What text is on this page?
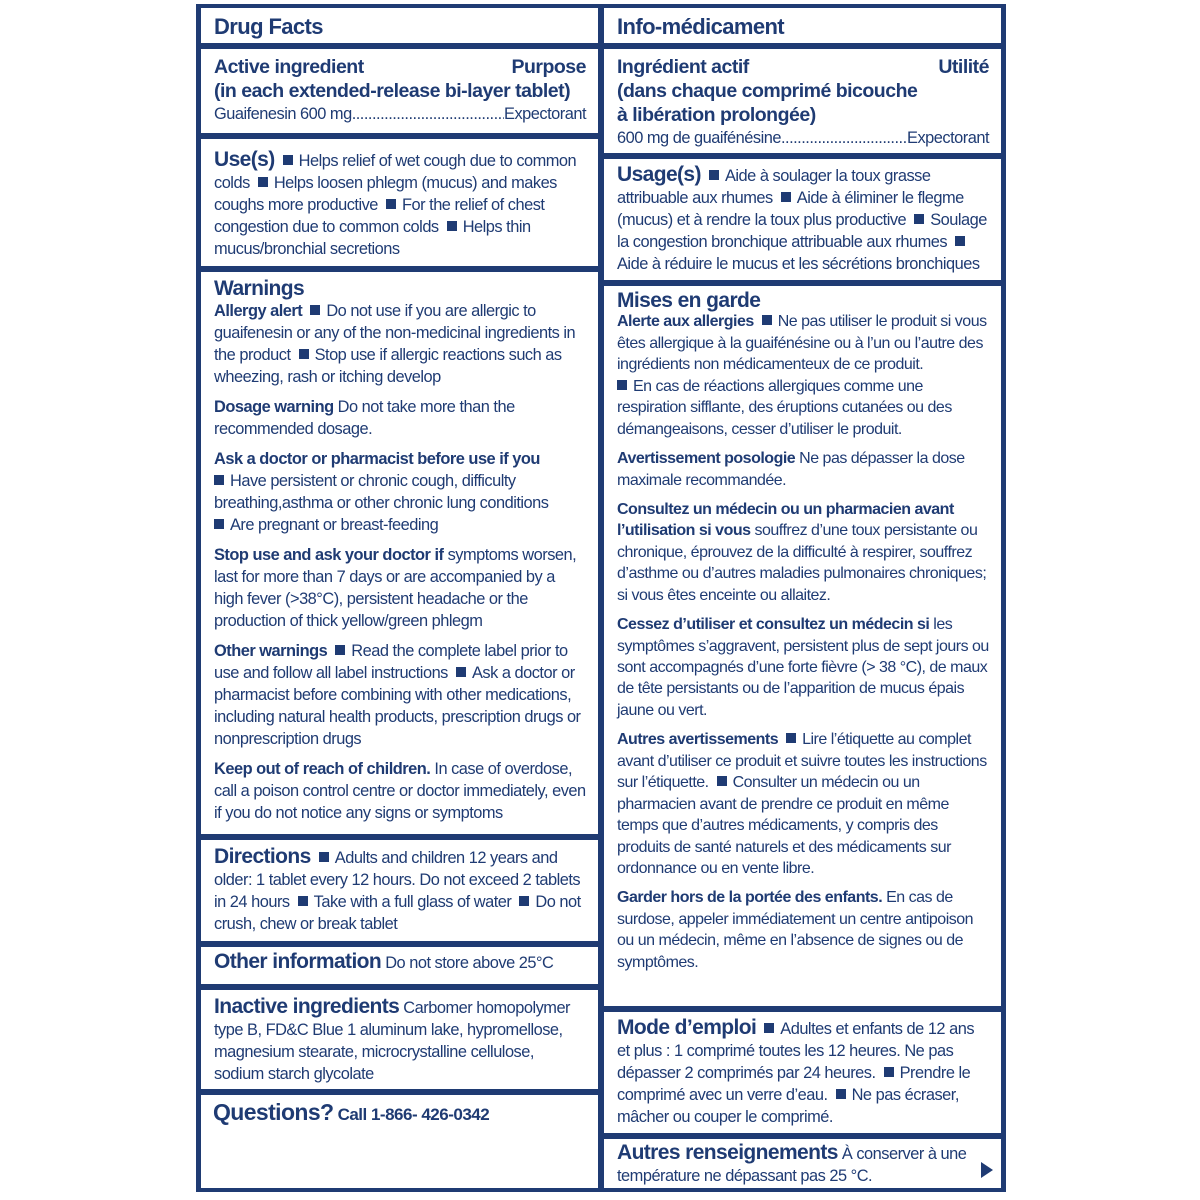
Drug Facts
Active ingredient	Purpose
(in each extended-release bi-layer tablet)
Guaifenesin 600 mg .....	Expectorant
Use(s) Helps relief of wet cough due to common colds Helps loosen phlegm (mucus) and makes coughs more productive For the relief of chest congestion due to common colds Helps thin mucus/bronchial secretions
Warnings

Allergy alert Do not use if you are allergic to guaifenesin or any of the non-medicinal ingredients in the product Stop use if allergic reactions such as wheezing, rash or itching develop

Dosage warning Do not take more than the recommended dosage.

Ask a doctor or pharmacist before use if you
Have persistent or chronic cough, difficulty breathing,asthma or other chronic lung conditions
Are pregnant or breast-feeding

Stop use and ask your doctor if symptoms worsen, last for more than 7 days or are accompanied by a high fever (>38°C), persistent headache or the production of thick yellow/green phlegm

Other warnings Read the complete label prior to use and follow all label instructions Ask a doctor or pharmacist before combining with other medications, including natural health products, prescription drugs or nonprescription drugs

Keep out of reach of children. In case of overdose, call a poison control centre or doctor immediately, even if you do not notice any signs or symptoms

Directions Adults and children 12 years and older: 1 tablet every 12 hours. Do not exceed 2 tablets in 24 hours Take with a full glass of water Do not crush, chew or break tablet
Other information Do not store above 25°C
Inactive ingredients Carbomer homopolymer type B, FD&C Blue 1 aluminum lake, hypromellose, magnesium stearate, microcrystalline cellulose, sodium starch glycolate
Questions? Call 1-866- 426-0342
Info-médicament
Ingrédient actif	Utilité
(dans chaque comprimé bicouche à libération prolongée)
600 mg de guaifénésine .....	Expectorant
Usage(s) Aide à soulager la toux grasse attribuable aux rhumes Aide à éliminer le flegme (mucus) et à rendre la toux plus productive Soulage la congestion bronchique attribuable aux rhumes Aide à réduire le mucus et les sécrétions bronchiques
Mises en garde

Alerte aux allergies Ne pas utiliser le produit si vous êtes allergique à la guaifénésine ou à l’un ou l’autre des ingrédients non médicamenteux de ce produit.
En cas de réactions allergiques comme une respiration sifflante, des éruptions cutanées ou des démangeaisons, cesser d’utiliser le produit.

Avertissement posologie Ne pas dépasser la dose maximale recommandée.

Consultez un médecin ou un pharmacien avant l’utilisation si vous souffrez d’une toux persistante ou chronique, éprouvez de la difficulté à respirer, souffrez d’asthme ou d’autres maladies pulmonaires chroniques; si vous êtes enceinte ou allaitez.

Cessez d’utiliser et consultez un médecin si les symptômes s’aggravent, persistent plus de sept jours ou sont accompagnés d’une forte fièvre (> 38 °C), de maux de tête persistants ou de l’apparition de mucus épais jaune ou vert.

Autres avertissements Lire l’étiquette au complet avant d’utiliser ce produit et suivre toutes les instructions sur l’étiquette. Consulter un médecin ou un pharmacien avant de prendre ce produit en même temps que d’autres médicaments, y compris des produits de santé naturels et des médicaments sur ordonnance ou en vente libre.

Garder hors de la portée des enfants. En cas de surdose, appeler immédiatement un centre antipoison ou un médecin, même en l’absence de signes ou de symptômes.

Mode d’emploi Adultes et enfants de 12 ans et plus : 1 comprimé toutes les 12 heures. Ne pas dépasser 2 comprimés par 24 heures. Prendre le comprimé avec un verre d’eau. Ne pas écraser, mâcher ou couper le comprimé.
Autres renseignements À conserver à une température ne dépassant pas 25 °C.
